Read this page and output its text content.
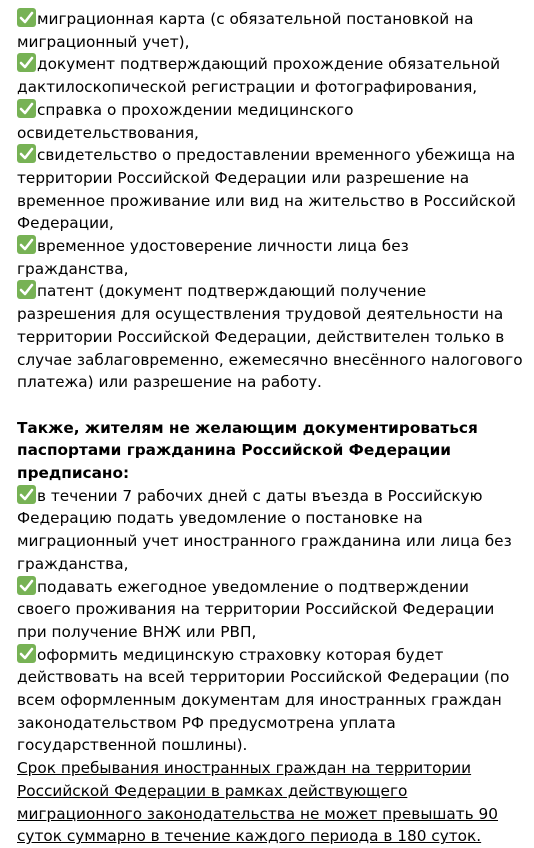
миграционная карта (с обязательной постановкой на миграционный учет),

документ подтверждающий прохождение обязательной дактилоскопической регистрации и фотографирования,

справка о прохождении медицинского освидетельствования,

свидетельство о предоставлении временного убежища на территории Российской Федерации или разрешение на временное проживание или вид на жительство в Российской Федерации,

временное удостоверение личности лица без гражданства,

патент (документ подтверждающий получение разрешения для осуществления трудовой деятельности на территории Российской Федерации, действителен только в случае заблаговременно, ежемесячно внесённого налогового платежа) или разрешение на работу.

Также, жителям не желающим документироваться паспортами гражданина Российской Федерации предписано:

в течении 7 рабочих дней с даты въезда в Российскую Федерацию подать уведомление о постановке на миграционный учет иностранного гражданина или лица без гражданства,

подавать ежегодное уведомление о подтверждении своего проживания на территории Российской Федерации при получение ВНЖ или РВП,

оформить медицинскую страховку которая будет действовать на всей территории Российской Федерации (по всем оформленным документам для иностранных граждан законодательством РФ предусмотрена уплата государственной пошлины).

Срок пребывания иностранных граждан на территории Российской Федерации в рамках действующего миграционного законодательства не может превышать 90 суток суммарно в течение каждого периода в 180 суток.
